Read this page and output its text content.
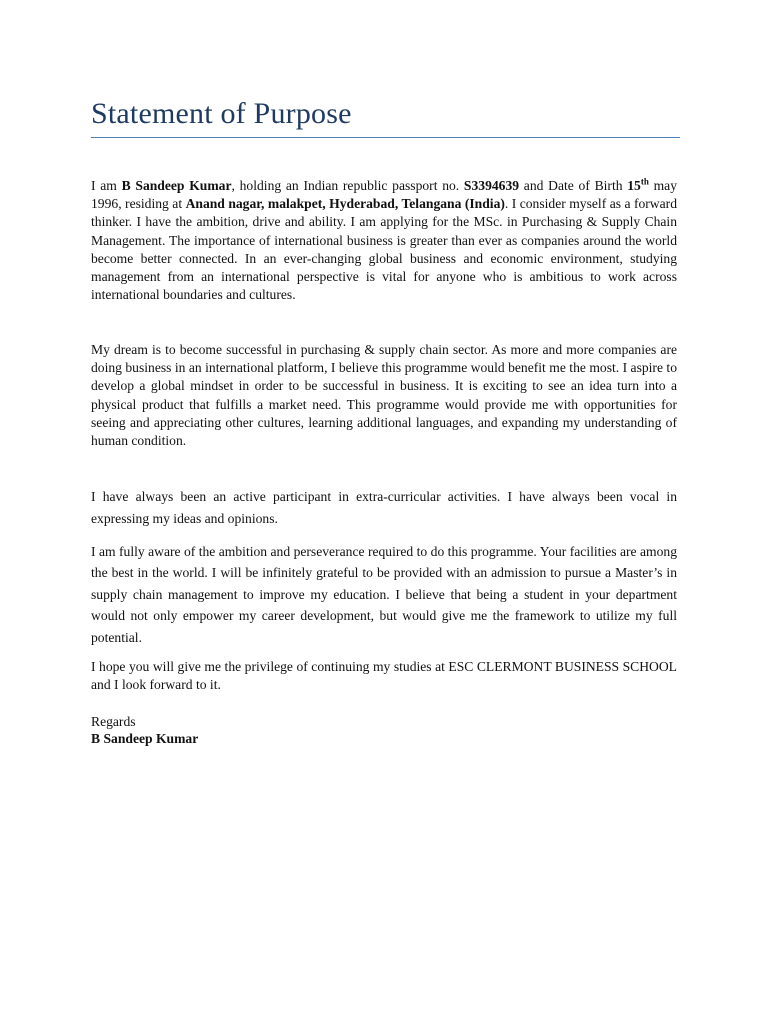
Statement of Purpose

I am B Sandeep Kumar, holding an Indian republic passport no. S3394639 and Date of Birth 15th may 1996, residing at Anand nagar, malakpet, Hyderabad, Telangana (India). I consider myself as a forward thinker. I have the ambition, drive and ability. I am applying for the MSc. in Purchasing & Supply Chain Management. The importance of international business is greater than ever as companies around the world become better connected. In an ever-changing global business and economic environment, studying management from an international perspective is vital for anyone who is ambitious to work across international boundaries and cultures.

My dream is to become successful in purchasing & supply chain sector. As more and more companies are doing business in an international platform, I believe this programme would benefit me the most. I aspire to develop a global mindset in order to be successful in business. It is exciting to see an idea turn into a physical product that fulfills a market need. This programme would provide me with opportunities for seeing and appreciating other cultures, learning additional languages, and expanding my understanding of human condition.

I have always been an active participant in extra-curricular activities. I have always been vocal in expressing my ideas and opinions.

I am fully aware of the ambition and perseverance required to do this programme. Your facilities are among the best in the world. I will be infinitely grateful to be provided with an admission to pursue a Master’s in supply chain management to improve my education. I believe that being a student in your department would not only empower my career development, but would give me the framework to utilize my full potential.

I hope you will give me the privilege of continuing my studies at ESC CLERMONT BUSINESS SCHOOL and I look forward to it.

Regards

B Sandeep Kumar
